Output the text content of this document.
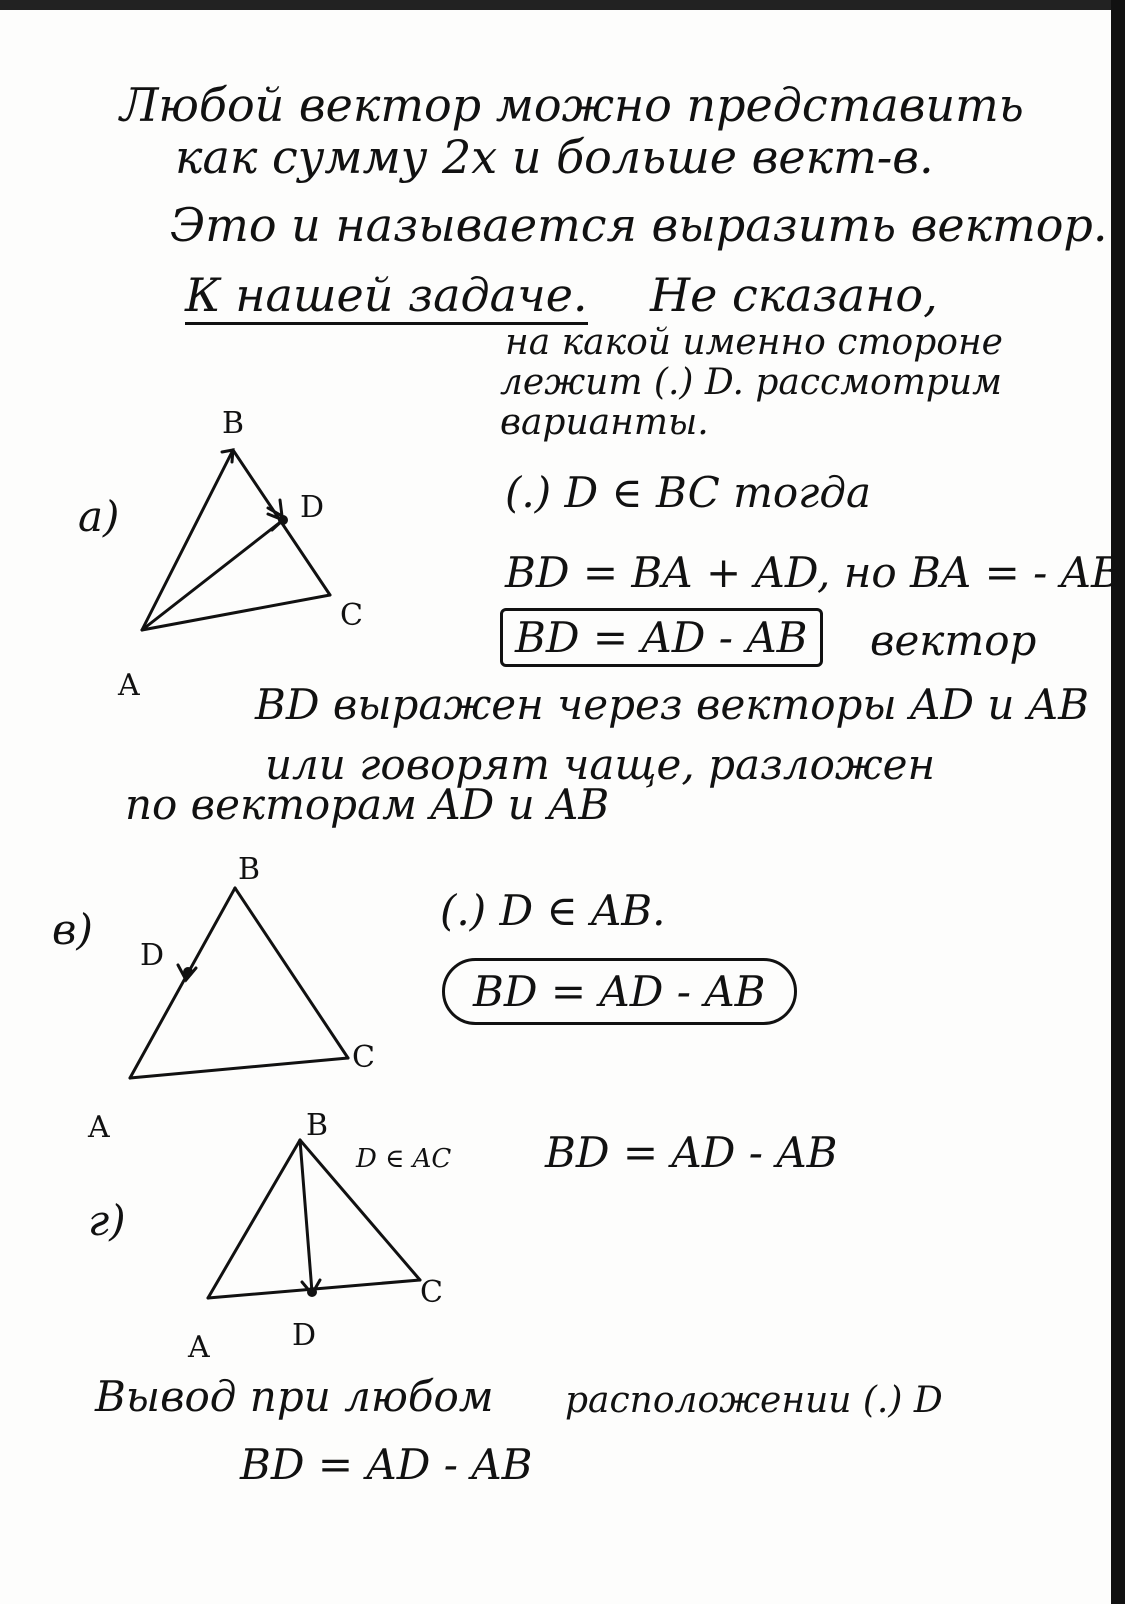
Любой вектор можно представить
как сумму 2х и больше вект-в.
Это и называется выразить вектор.
К нашей задаче. Не сказано,
на какой именно стороне
лежит (.) D. рассмотрим
варианты.
а)
B
D
C
A
(.) D ∈ BC тогда
BD = BA + AD, но BA = - AB
BD = AD - AB	вектор
BD выражен через векторы AD и AB
или говорят чаще, разложен
по векторам AD и AB
в)
B
D
C
A
(.) D ∈ AB.
BD = AD - AB
г)
B
C
A	D
D ∈ AC BD = AD - AB
Вывод при любом расположении (.) D
BD = AD - AB
